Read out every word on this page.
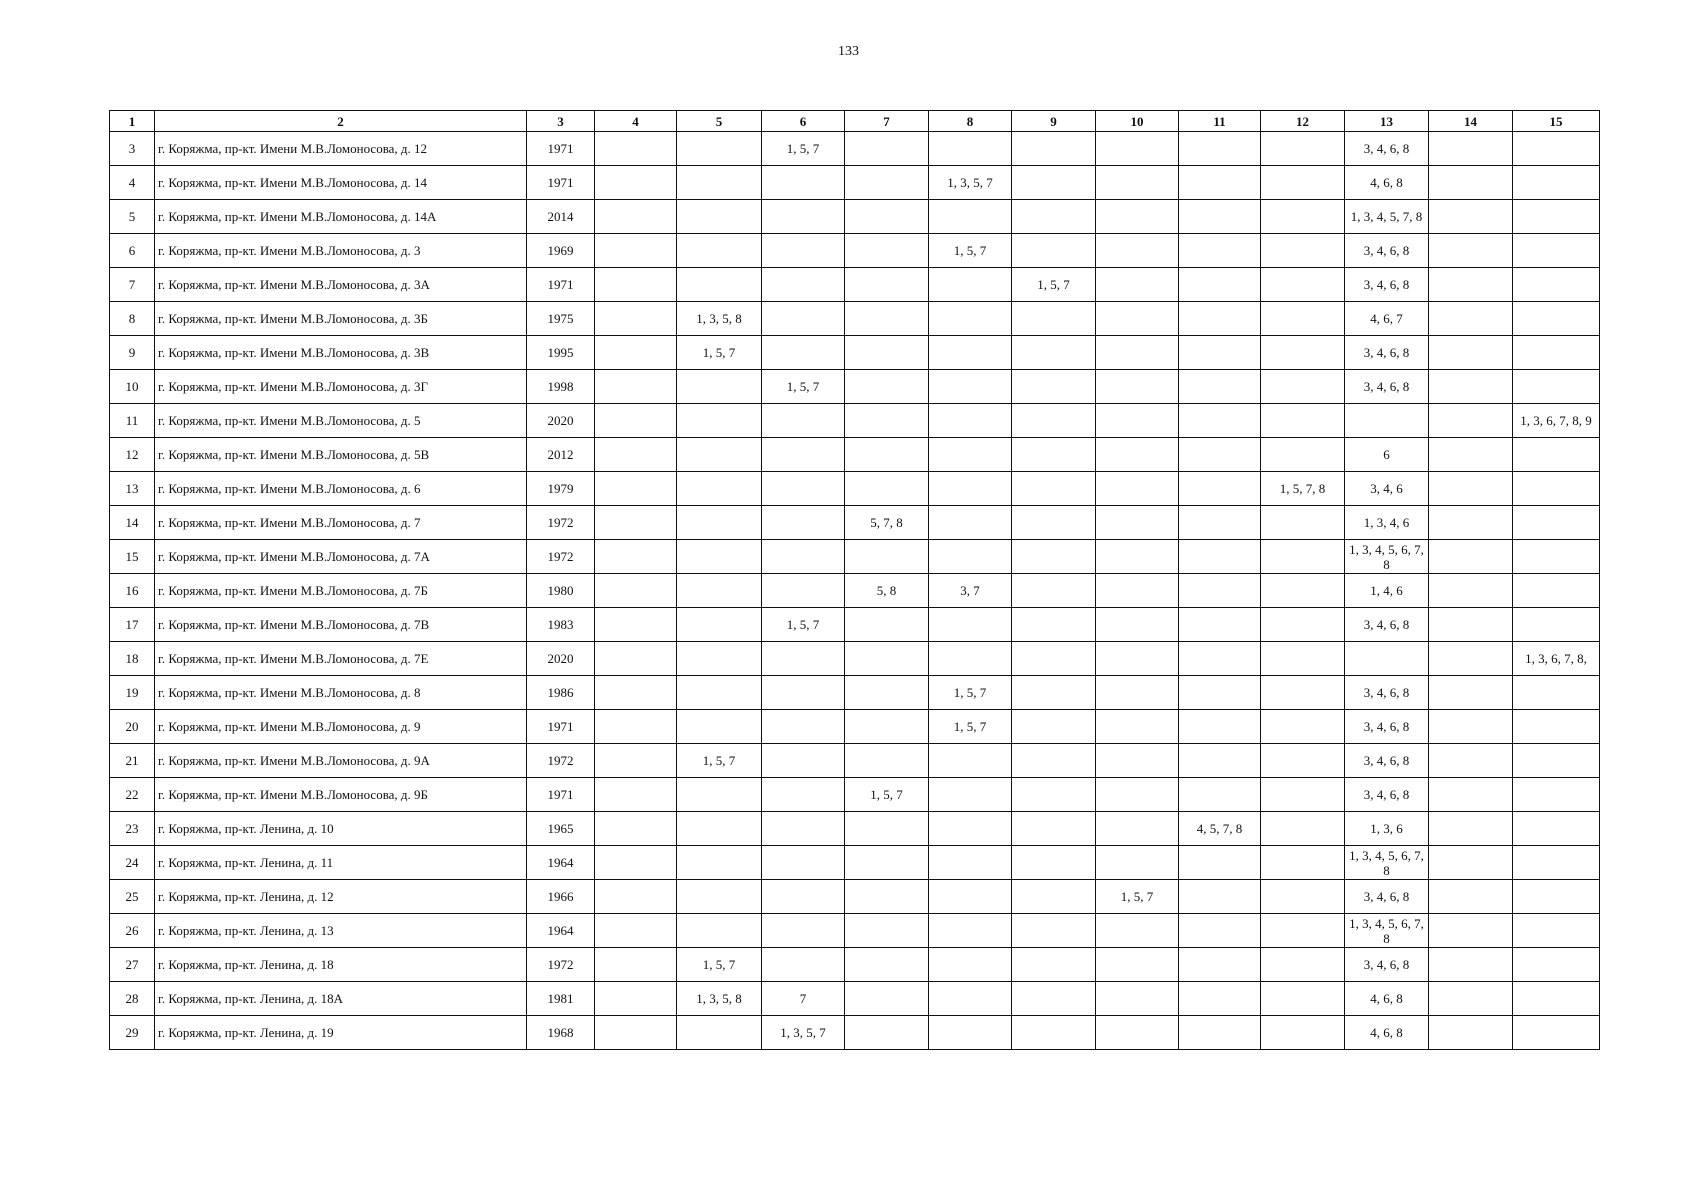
133
1	2	3	4	5	6	7	8	9	10	11	12	13	14	15
3	г. Коряжма, пр-кт. Имени М.В.Ломоносова, д. 12	1971			1, 5, 7							3, 4, 6, 8		
4	г. Коряжма, пр-кт. Имени М.В.Ломоносова, д. 14	1971					1, 3, 5, 7					4, 6, 8		
5	г. Коряжма, пр-кт. Имени М.В.Ломоносова, д. 14А	2014										1, 3, 4, 5, 7, 8		
6	г. Коряжма, пр-кт. Имени М.В.Ломоносова, д. 3	1969					1, 5, 7					3, 4, 6, 8		
7	г. Коряжма, пр-кт. Имени М.В.Ломоносова, д. 3А	1971						1, 5, 7				3, 4, 6, 8		
8	г. Коряжма, пр-кт. Имени М.В.Ломоносова, д. 3Б	1975		1, 3, 5, 8								4, 6, 7		
9	г. Коряжма, пр-кт. Имени М.В.Ломоносова, д. 3В	1995		1, 5, 7								3, 4, 6, 8		
10	г. Коряжма, пр-кт. Имени М.В.Ломоносова, д. 3Г	1998			1, 5, 7							3, 4, 6, 8		
11	г. Коряжма, пр-кт. Имени М.В.Ломоносова, д. 5	2020												1, 3, 6, 7, 8, 9
12	г. Коряжма, пр-кт. Имени М.В.Ломоносова, д. 5В	2012										6		
13	г. Коряжма, пр-кт. Имени М.В.Ломоносова, д. 6	1979									1, 5, 7, 8	3, 4, 6		
14	г. Коряжма, пр-кт. Имени М.В.Ломоносова, д. 7	1972				5, 7, 8						1, 3, 4, 6		
15	г. Коряжма, пр-кт. Имени М.В.Ломоносова, д. 7А	1972										1, 3, 4, 5, 6, 7, 8		
16	г. Коряжма, пр-кт. Имени М.В.Ломоносова, д. 7Б	1980				5, 8	3, 7					1, 4, 6		
17	г. Коряжма, пр-кт. Имени М.В.Ломоносова, д. 7В	1983			1, 5, 7							3, 4, 6, 8		
18	г. Коряжма, пр-кт. Имени М.В.Ломоносова, д. 7Е	2020												1, 3, 6, 7, 8,
19	г. Коряжма, пр-кт. Имени М.В.Ломоносова, д. 8	1986					1, 5, 7					3, 4, 6, 8		
20	г. Коряжма, пр-кт. Имени М.В.Ломоносова, д. 9	1971					1, 5, 7					3, 4, 6, 8		
21	г. Коряжма, пр-кт. Имени М.В.Ломоносова, д. 9А	1972		1, 5, 7								3, 4, 6, 8		
22	г. Коряжма, пр-кт. Имени М.В.Ломоносова, д. 9Б	1971				1, 5, 7						3, 4, 6, 8		
23	г. Коряжма, пр-кт. Ленина, д. 10	1965								4, 5, 7, 8		1, 3, 6		
24	г. Коряжма, пр-кт. Ленина, д. 11	1964										1, 3, 4, 5, 6, 7, 8		
25	г. Коряжма, пр-кт. Ленина, д. 12	1966							1, 5, 7			3, 4, 6, 8		
26	г. Коряжма, пр-кт. Ленина, д. 13	1964										1, 3, 4, 5, 6, 7, 8		
27	г. Коряжма, пр-кт. Ленина, д. 18	1972		1, 5, 7								3, 4, 6, 8		
28	г. Коряжма, пр-кт. Ленина, д. 18А	1981		1, 3, 5, 8	7							4, 6, 8		
29	г. Коряжма, пр-кт. Ленина, д. 19	1968			1, 3, 5, 7							4, 6, 8		
